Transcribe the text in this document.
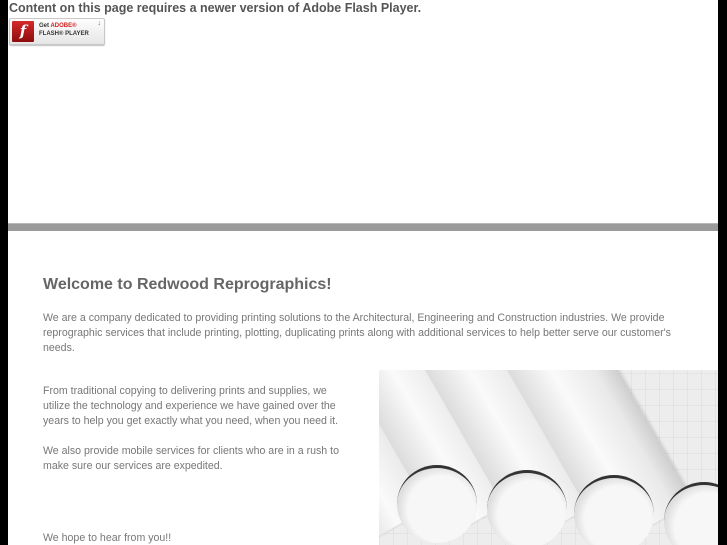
Content on this page requires a newer version of Adobe Flash Player.
f	Get ADOBE®
FLASH® PLAYER
↓
Welcome to Redwood Reprographics!

We are a company dedicated to providing printing solutions to the Architectural, Engineering and Construction industries. We provide reprographic services that include printing, plotting, duplicating prints along with additional services to help better serve our customer's needs.

From traditional copying to delivering prints and supplies, we utilize the technology and experience we have gained over the years to help you get exactly what you need, when you need it.

We also provide mobile services for clients who are in a rush to make sure our services are expedited.

We hope to hear from you!!
